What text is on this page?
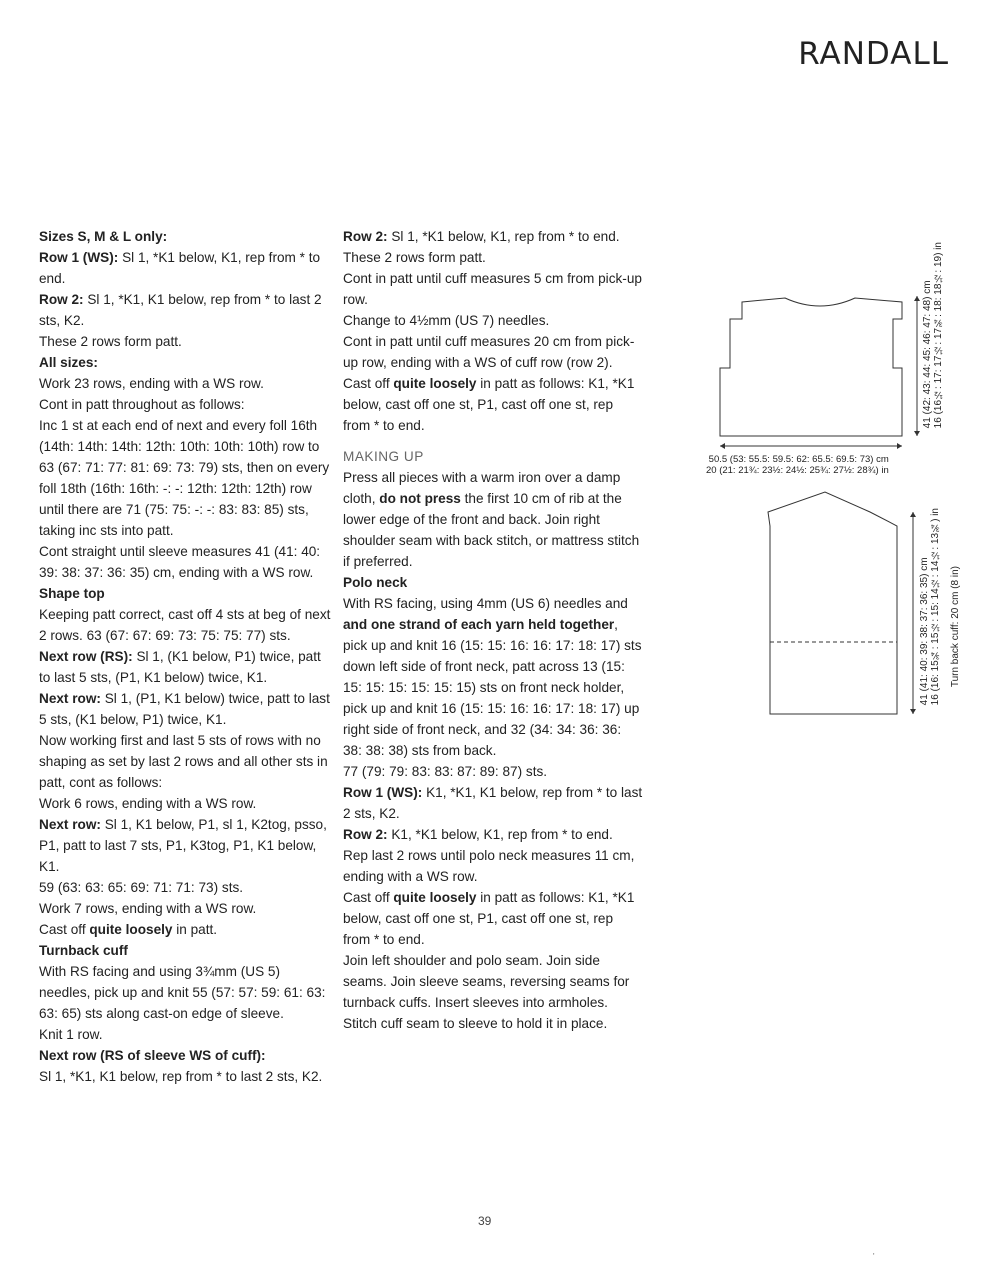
RANDALL

Sizes S, M & L only:

Row 1 (WS): Sl 1, *K1 below, K1, rep from * to end.

Row 2: Sl 1, *K1, K1 below, rep from * to last 2 sts, K2.

These 2 rows form patt.

All sizes:

Work 23 rows, ending with a WS row.

Cont in patt throughout as follows:

Inc 1 st at each end of next and every foll 16th (14th: 14th: 14th: 12th: 10th: 10th: 10th) row to 63 (67: 71: 77: 81: 69: 73: 79) sts, then on every foll 18th (16th: 16th: -: -: 12th: 12th: 12th) row until there are 71 (75: 75: -: -: 83: 83: 85) sts, taking inc sts into patt.

Cont straight until sleeve measures 41 (41: 40: 39: 38: 37: 36: 35) cm, ending with a WS row.

Shape top

Keeping patt correct, cast off 4 sts at beg of next 2 rows. 63 (67: 67: 69: 73: 75: 75: 77) sts.

Next row (RS): Sl 1, (K1 below, P1) twice, patt to last 5 sts, (P1, K1 below) twice, K1.

Next row: Sl 1, (P1, K1 below) twice, patt to last 5 sts, (K1 below, P1) twice, K1.

Now working first and last 5 sts of rows with no shaping as set by last 2 rows and all other sts in patt, cont as follows:

Work 6 rows, ending with a WS row.

Next row: Sl 1, K1 below, P1, sl 1, K2tog, psso, P1, patt to last 7 sts, P1, K3tog, P1, K1 below, K1.

59 (63: 63: 65: 69: 71: 71: 73) sts.

Work 7 rows, ending with a WS row.

Cast off quite loosely in patt.

Turnback cuff

With RS facing and using 3¾mm (US 5) needles, pick up and knit 55 (57: 57: 59: 61: 63: 63: 65) sts along cast-on edge of sleeve.

Knit 1 row.

Next row (RS of sleeve WS of cuff):

Sl 1, *K1, K1 below, rep from * to last 2 sts, K2.

Row 2: Sl 1, *K1 below, K1, rep from * to end.

These 2 rows form patt.

Cont in patt until cuff measures 5 cm from pick-up row.

Change to 4½mm (US 7) needles.

Cont in patt until cuff measures 20 cm from pick-up row, ending with a WS of cuff row (row 2).

Cast off quite loosely in patt as follows: K1, *K1 below, cast off one st, P1, cast off one st, rep from * to end.

MAKING UP

Press all pieces with a warm iron over a damp cloth, do not press the first 10 cm of rib at the lower edge of the front and back. Join right shoulder seam with back stitch, or mattress stitch if preferred.

Polo neck

With RS facing, using 4mm (US 6) needles and and one strand of each yarn held together, pick up and knit 16 (15: 15: 16: 16: 17: 18: 17) sts down left side of front neck, patt across 13 (15: 15: 15: 15: 15: 15: 15) sts on front neck holder, pick up and knit 16 (15: 15: 16: 16: 17: 18: 17) up right side of front neck, and 32 (34: 34: 36: 36: 38: 38: 38) sts from back.

77 (79: 79: 83: 83: 87: 89: 87) sts.

Row 1 (WS): K1, *K1, K1 below, rep from * to last 2 sts, K2.

Row 2: K1, *K1 below, K1, rep from * to end.

Rep last 2 rows until polo neck measures 11 cm, ending with a WS row.

Cast off quite loosely in patt as follows: K1, *K1 below, cast off one st, P1, cast off one st, rep from * to end.

Join left shoulder and polo seam. Join side seams. Join sleeve seams, reversing seams for turnback cuffs. Insert sleeves into armholes. Stitch cuff seam to sleeve to hold it in place.

50.5 (53: 55.5: 59.5: 62: 65.5: 69.5: 73) cm
20 (21: 21¾: 23½: 24½: 25¾: 27½: 28¾) in
41 (42: 43: 44: 45: 46: 47: 48) cm
16 (16½: 17: 17½: 17¾: 18: 18½: 19) in
41 (41: 40: 39: 38: 37: 36: 35) cm
16 (16: 15¾: 15½: 15: 14½: 14½: 13¾) in
Turn back cuff: 20 cm (8 in)
39
'
